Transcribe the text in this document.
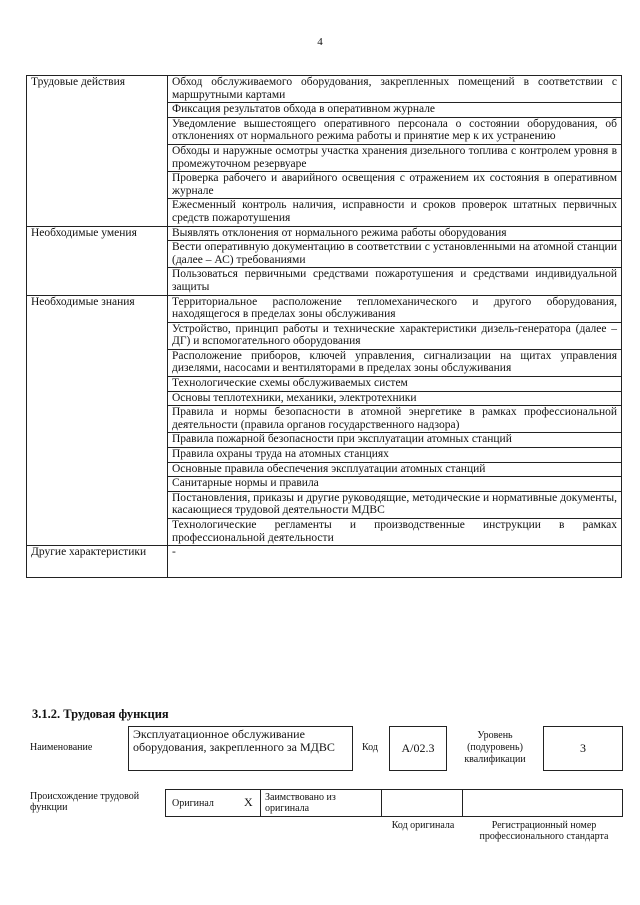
4
Трудовые действия	Обход обслуживаемого оборудования, закрепленных помещений в соответствии с маршрутными картами
	Фиксация результатов обхода в оперативном журнале
	Уведомление вышестоящего оперативного персонала о состоянии оборудования, об отклонениях от нормального режима работы и принятие мер к их устранению
	Обходы и наружные осмотры участка хранения дизельного топлива с контролем уровня в промежуточном резервуаре
	Проверка рабочего и аварийного освещения с отражением их состояния в оперативном журнале
	Ежесменный контроль наличия, исправности и сроков проверок штатных первичных средств пожаротушения
Необходимые умения	Выявлять отклонения от нормального режима работы оборудования
	Вести оперативную документацию в соответствии с установленными на атомной станции (далее – АС) требованиями
	Пользоваться первичными средствами пожаротушения и средствами индивидуальной защиты
Необходимые знания	Территориальное расположение тепломеханического и другого оборудования, находящегося в пределах зоны обслуживания
	Устройство, принцип работы и технические характеристики дизель-генератора (далее – ДГ) и вспомогательного оборудования
	Расположение приборов, ключей управления, сигнализации на щитах управления дизелями, насосами и вентиляторами в пределах зоны обслуживания
	Технологические схемы обслуживаемых систем
	Основы теплотехники, механики, электротехники
	Правила и нормы безопасности в атомной энергетике в рамках профессиональной деятельности (правила органов государственного надзора)
	Правила пожарной безопасности при эксплуатации атомных станций
	Правила охраны труда на атомных станциях
	Основные правила обеспечения эксплуатации атомных станций
	Санитарные нормы и правила
	Постановления, приказы и другие руководящие, методические и нормативные документы, касающиеся трудовой деятельности МДВС
	Технологические регламенты и производственные инструкции в рамках профессиональной деятельности
Другие характеристики	-
3.1.2. Трудовая функция
Наименование
Эксплуатационное обслуживание оборудования, закрепленного за МДВС	Код A/02.3
Уровень (подуровень) квалификации
3
Происхождение трудовой функции	Оригинал	X Заимствовано из оригинала
Код оригинала	Регистрационный номер профессионального стандарта
